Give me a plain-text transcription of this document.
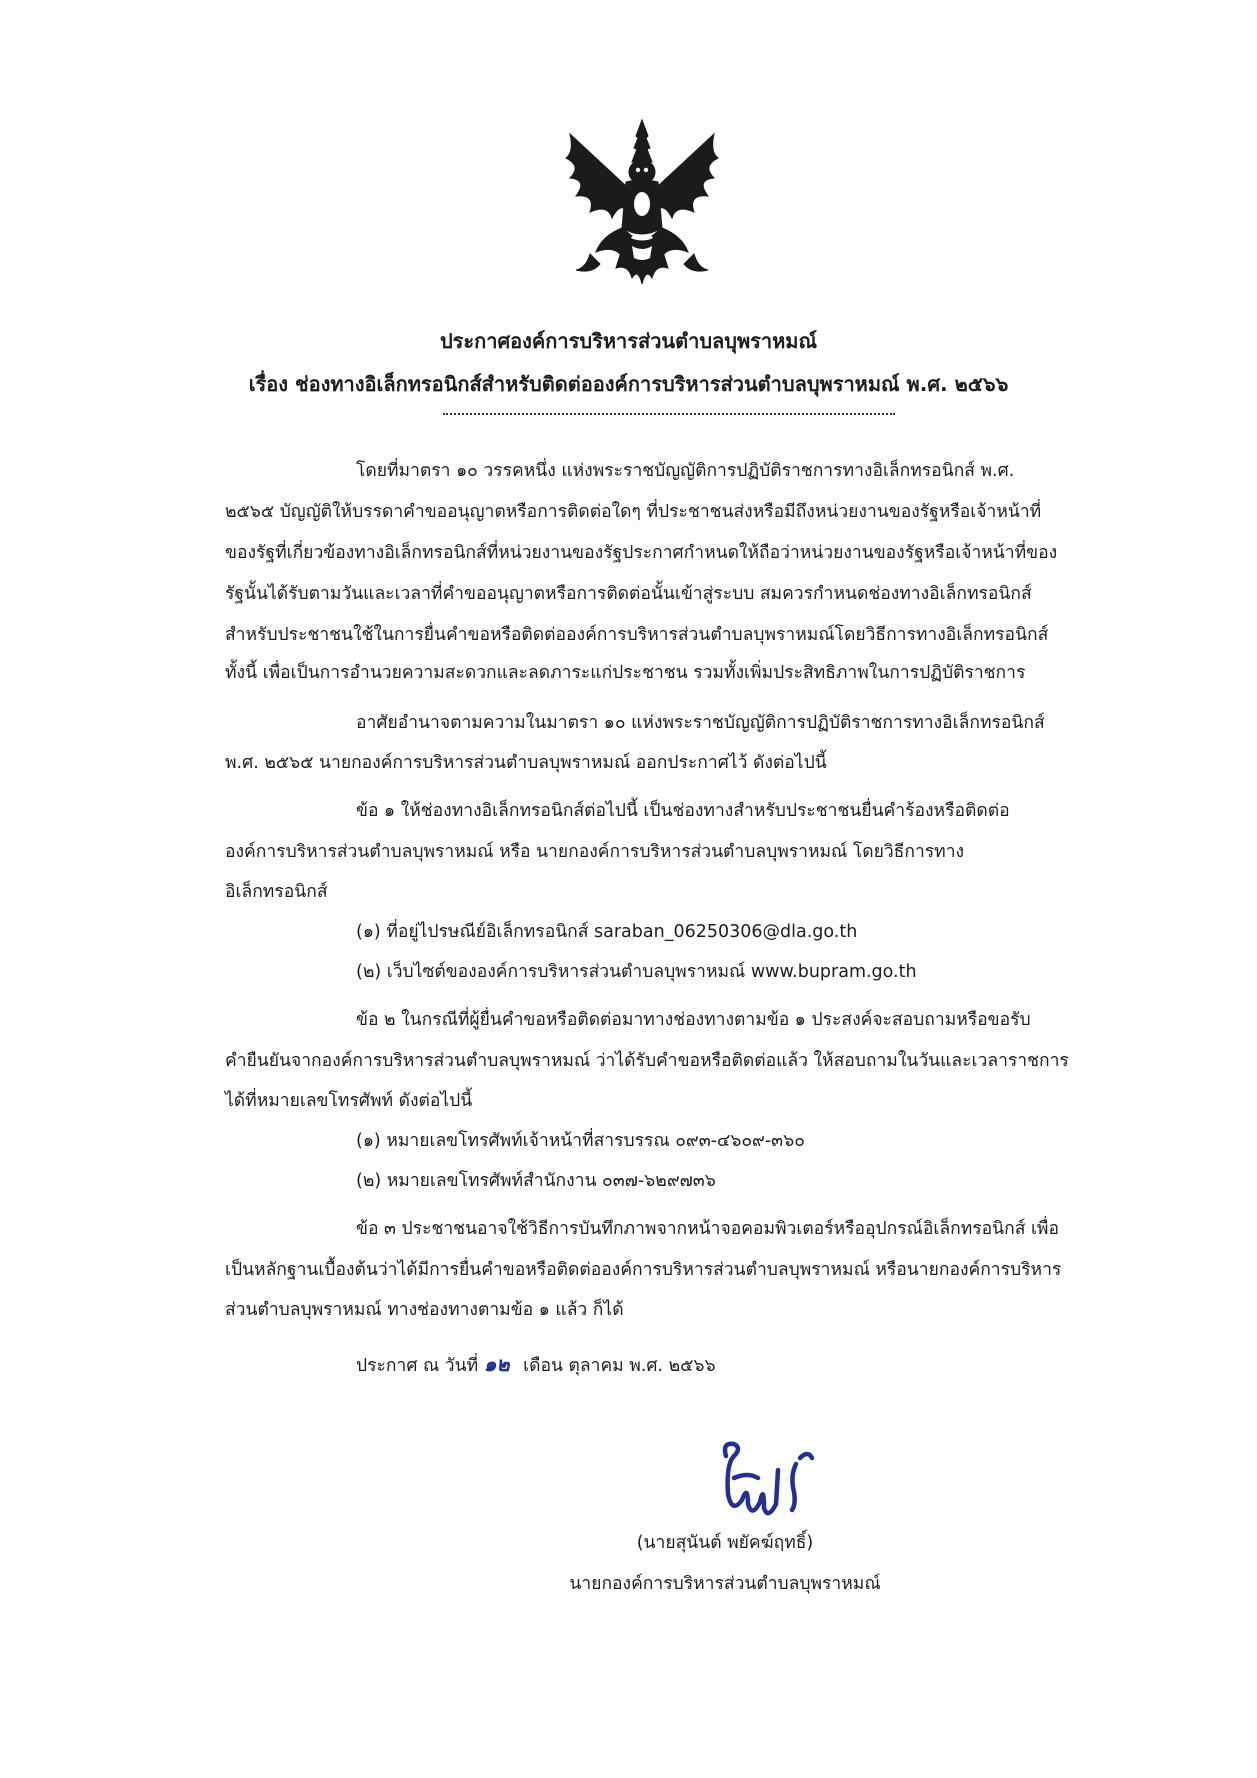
ประกาศองค์การบริหารส่วนตำบลบุพราหมณ์
เรื่อง ช่องทางอิเล็กทรอนิกส์สำหรับติดต่อองค์การบริหารส่วนตำบลบุพราหมณ์ พ.ศ. ๒๕๖๖
โดยที่มาตรา ๑๐ วรรคหนึ่ง แห่งพระราชบัญญัติการปฏิบัติราชการทางอิเล็กทรอนิกส์ พ.ศ.
๒๕๖๕ บัญญัติให้บรรดาคำขออนุญาตหรือการติดต่อใดๆ ที่ประชาชนส่งหรือมีถึงหน่วยงานของรัฐหรือเจ้าหน้าที่
ของรัฐที่เกี่ยวข้องทางอิเล็กทรอนิกส์ที่หน่วยงานของรัฐประกาศกำหนดให้ถือว่าหน่วยงานของรัฐหรือเจ้าหน้าที่ของ
รัฐนั้นได้รับตามวันและเวลาที่คำขออนุญาตหรือการติดต่อนั้นเข้าสู่ระบบ สมควรกำหนดช่องทางอิเล็กทรอนิกส์
สำหรับประชาชนใช้ในการยื่นคำขอหรือติดต่อองค์การบริหารส่วนตำบลบุพราหมณ์โดยวิธีการทางอิเล็กทรอนิกส์
ทั้งนี้ เพื่อเป็นการอำนวยความสะดวกและลดภาระแก่ประชาชน รวมทั้งเพิ่มประสิทธิภาพในการปฏิบัติราชการ
อาศัยอำนาจตามความในมาตรา ๑๐ แห่งพระราชบัญญัติการปฏิบัติราชการทางอิเล็กทรอนิกส์
พ.ศ. ๒๕๖๕ นายกองค์การบริหารส่วนตำบลบุพราหมณ์ ออกประกาศไว้ ดังต่อไปนี้
ข้อ ๑ ให้ช่องทางอิเล็กทรอนิกส์ต่อไปนี้ เป็นช่องทางสำหรับประชาชนยื่นคำร้องหรือติดต่อ
องค์การบริหารส่วนตำบลบุพราหมณ์ หรือ นายกองค์การบริหารส่วนตำบลบุพราหมณ์ โดยวิธีการทาง
อิเล็กทรอนิกส์
(๑) ที่อยู่ไปรษณีย์อิเล็กทรอนิกส์ saraban_06250306@dla.go.th
(๒) เว็บไซต์ขององค์การบริหารส่วนตำบลบุพราหมณ์ www.bupram.go.th
ข้อ ๒ ในกรณีที่ผู้ยื่นคำขอหรือติดต่อมาทางช่องทางตามข้อ ๑ ประสงค์จะสอบถามหรือขอรับ
คำยืนยันจากองค์การบริหารส่วนตำบลบุพราหมณ์ ว่าได้รับคำขอหรือติดต่อแล้ว ให้สอบถามในวันและเวลาราชการ
ได้ที่หมายเลขโทรศัพท์ ดังต่อไปนี้
(๑) หมายเลขโทรศัพท์เจ้าหน้าที่สารบรรณ ๐๙๓-๔๖๐๙-๓๖๐
(๒) หมายเลขโทรศัพท์สำนักงาน ๐๓๗-๖๒๙๗๓๖
ข้อ ๓ ประชาชนอาจใช้วิธีการบันทึกภาพจากหน้าจอคอมพิวเตอร์หรืออุปกรณ์อิเล็กทรอนิกส์ เพื่อ
เป็นหลักฐานเบื้องต้นว่าได้มีการยื่นคำขอหรือติดต่อองค์การบริหารส่วนตำบลบุพราหมณ์ หรือนายกองค์การบริหาร
ส่วนตำบลบุพราหมณ์ ทางช่องทางตามข้อ ๑ แล้ว ก็ได้
ประกาศ ณ วันที่ ๑๒ เดือน ตุลาคม พ.ศ. ๒๕๖๖
(นายสุนันต์ พยัคฆ์ฤทธิ์)
นายกองค์การบริหารส่วนตำบลบุพราหมณ์
